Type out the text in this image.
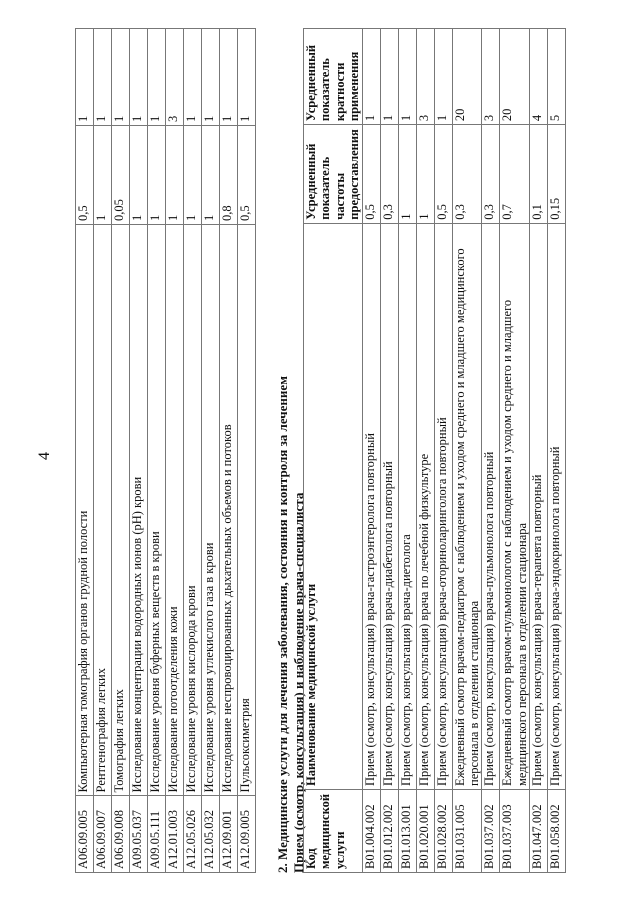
4
A06.09.005	Компьютерная томография органов грудной полости	0,5	1
A06.09.007	Рентгенография легких	1	1
A06.09.008	Томография легких	0,05	1
A09.05.037	Исследование концентрации водородных ионов (рН) крови	1	1
A09.05.111	Исследование уровня буферных веществ в крови	1	1
A12.01.003	Исследование потоотделения кожи	1	3
A12.05.026	Исследование уровня кислорода крови	1	1
A12.05.032	Исследование уровня углекислого газа в крови	1	1
A12.09.001	Исследование неспровоцированных дыхательных объемов и потоков	0,8	1
A12.09.005	Пульсоксиметрия	0,5	1
2. Медицинские услуги для лечения заболевания, состояния и контроля за лечением Прием (осмотр, консультация) и наблюдение врача-специалиста
Код медицинской услуги	Наименование медицинской услуги	Усредненный показатель частоты предоставления	Усредненный показатель кратности применения
B01.004.002	Прием (осмотр, консультация) врача-гастроэнтеролога повторный	0,5	1
B01.012.002	Прием (осмотр, консультация) врача-диабетолога повторный	0,3	1
B01.013.001	Прием (осмотр, консультация) врача-диетолога	1	1
B01.020.001	Прием (осмотр, консультация) врача по лечебной физкультуре	1	3
B01.028.002	Прием (осмотр, консультация) врача-оториноларинголога повторный	0,5	1
B01.031.005	Ежедневный осмотр врачом-педиатром с наблюдением и уходом среднего и младшего медицинского персонала в отделении стационара	0,3	20
B01.037.002	Прием (осмотр, консультация) врача-пульмонолога повторный	0,3	3
B01.037.003	Ежедневный осмотр врачом-пульмонологом с наблюдением и уходом среднего и младшего медицинского персонала в отделении стационара	0,7	20
B01.047.002	Прием (осмотр, консультация) врача-терапевта повторный	0,1	4
B01.058.002	Прием (осмотр, консультация) врача-эндокринолога повторный	0,15	5
